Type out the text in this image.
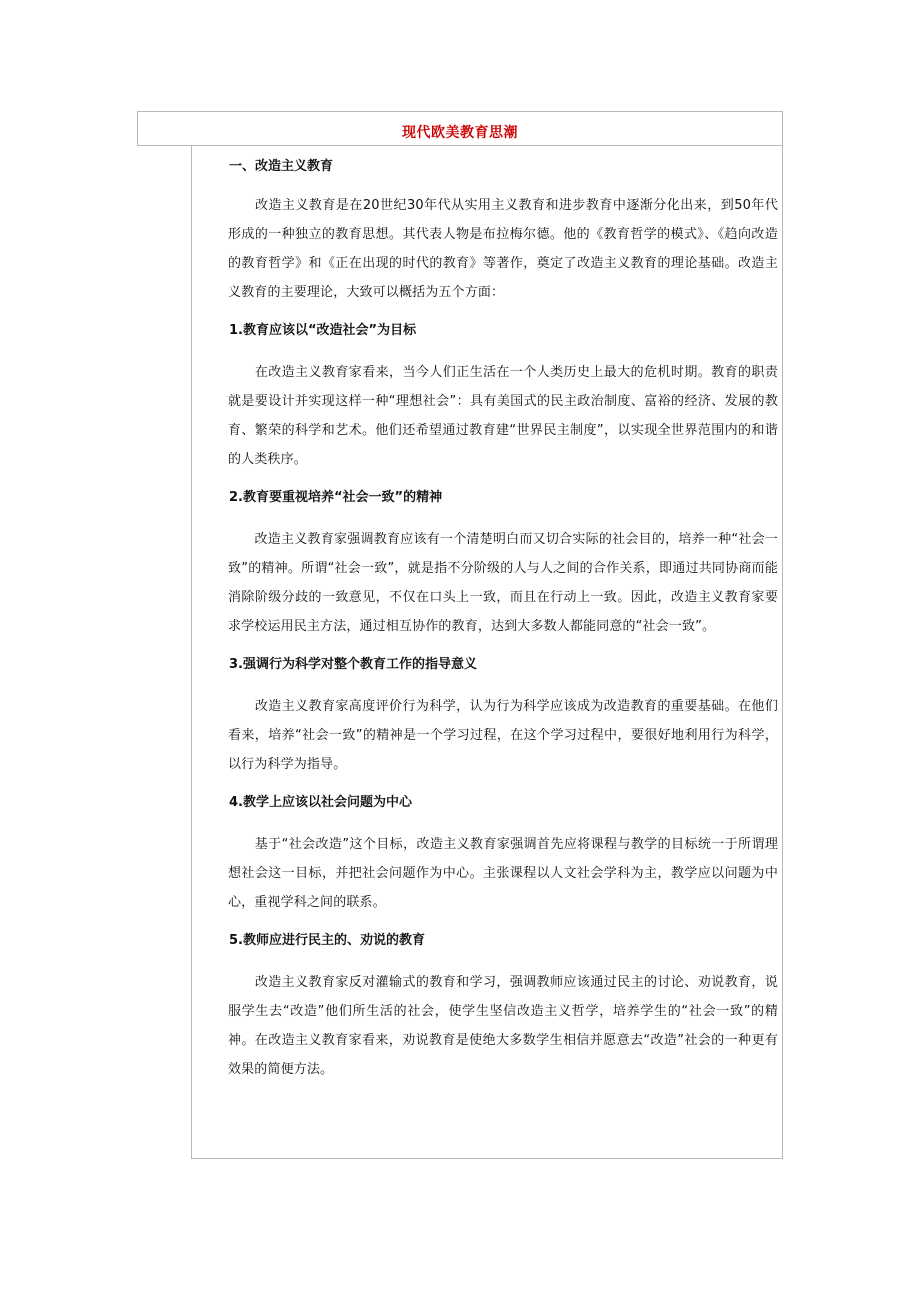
现代欧美教育思潮
一、改造主义教育

　　改造主义教育是在20世纪30年代从实用主义教育和进步教育中逐渐分化出来，到50年代形成的一种独立的教育思想。其代表人物是布拉梅尔德。他的《教育哲学的模式》、《趋向改造的教育哲学》和《正在出现的时代的教育》等著作，奠定了改造主义教育的理论基础。改造主义教育的主要理论，大致可以概括为五个方面：

1.教育应该以“改造社会”为目标

　　在改造主义教育家看来，当今人们正生活在一个人类历史上最大的危机时期。教育的职责就是要设计并实现这样一种“理想社会”：具有美国式的民主政治制度、富裕的经济、发展的教育、繁荣的科学和艺术。他们还希望通过教育建“世界民主制度”，以实现全世界范围内的和谐的人类秩序。

2.教育要重视培养“社会一致”的精神

　　改造主义教育家强调教育应该有一个清楚明白而又切合实际的社会目的，培养一种“社会一致”的精神。所谓“社会一致”，就是指不分阶级的人与人之间的合作关系，即通过共同协商而能消除阶级分歧的一致意见，不仅在口头上一致，而且在行动上一致。因此，改造主义教育家要求学校运用民主方法，通过相互协作的教育，达到大多数人都能同意的“社会一致”。

3.强调行为科学对整个教育工作的指导意义

　　改造主义教育家高度评价行为科学，认为行为科学应该成为改造教育的重要基础。在他们看来，培养“社会一致”的精神是一个学习过程，在这个学习过程中，要很好地利用行为科学，以行为科学为指导。

4.教学上应该以社会问题为中心

　　基于“社会改造”这个目标，改造主义教育家强调首先应将课程与教学的目标统一于所谓理想社会这一目标，并把社会问题作为中心。主张课程以人文社会学科为主，教学应以问题为中心，重视学科之间的联系。

5.教师应进行民主的、劝说的教育

　　改造主义教育家反对灌输式的教育和学习，强调教师应该通过民主的讨论、劝说教育，说服学生去“改造”他们所生活的社会，使学生坚信改造主义哲学，培养学生的“社会一致”的精神。在改造主义教育家看来，劝说教育是使绝大多数学生相信并愿意去“改造”社会的一种更有效果的简便方法。
